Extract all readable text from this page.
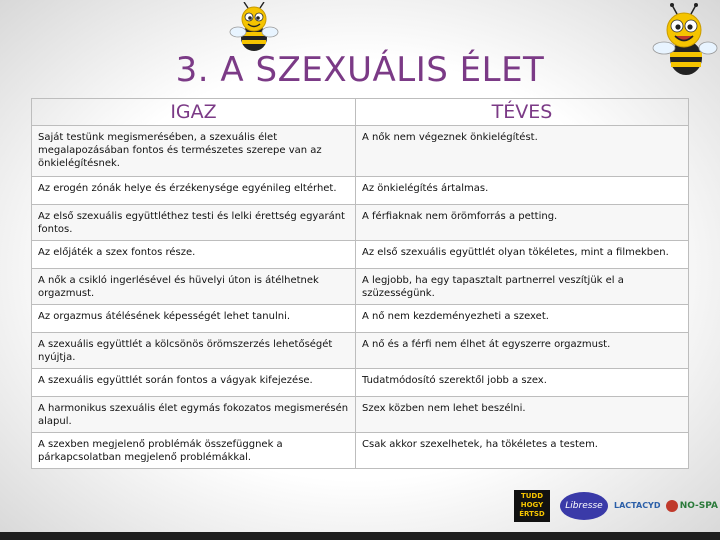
3. A SZEXUÁLIS ÉLET
IGAZ	TÉVES
Saját testünk megismerésében, a szexuális élet megalapozásában fontos és természetes szerepe van az önkielégítésnek.	A nők nem végeznek önkielégítést.
Az erogén zónák helye és érzékenysége egyénileg eltérhet.	Az önkielégítés ártalmas.
Az első szexuális együttléthez testi és lelki érettség egyaránt fontos.	A férfiaknak nem örömforrás a petting.
Az előjáték a szex fontos része.	Az első szexuális együttlét olyan tökéletes, mint a filmekben.
A nők a csikló ingerlésével és hüvelyi úton is átélhetnek orgazmust.	A legjobb, ha egy tapasztalt partnerrel veszítjük el a szüzességünk.
Az orgazmus átélésének képességét lehet tanulni.	A nő nem kezdeményezheti a szexet.
A szexuális együttlét a kölcsönös örömszerzés lehetőségét nyújtja.	A nő és a férfi nem élhet át egyszerre orgazmust.
A szexuális együttlét során fontos a vágyak kifejezése.	Tudatmódosító szerektől jobb a szex.
A harmonikus szexuális élet egymás fokozatos megismerésén alapul.	Szex közben nem lehet beszélni.
A szexben megjelenő problémák összefüggnek a párkapcsolatban megjelenő problémákkal.	Csak akkor szexelhetek, ha tökéletes a testem.
TUDD
HOGY
ÉRTSD
Libresse	LACTACYD	NO-SPA
